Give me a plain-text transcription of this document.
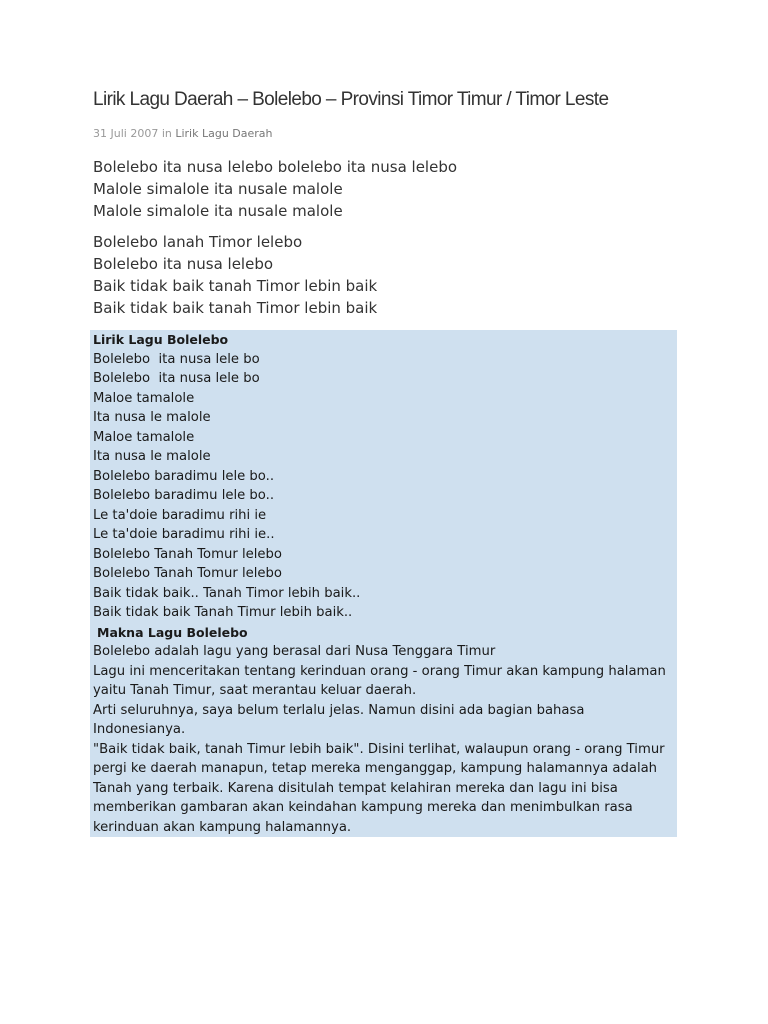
Lirik Lagu Daerah – Bolelebo – Provinsi Timor Timur / Timor Leste
31 Juli 2007 in Lirik Lagu Daerah
Bolelebo ita nusa lelebo bolelebo ita nusa lelebo
Malole simalole ita nusale malole
Malole simalole ita nusale malole
Bolelebo lanah Timor lelebo
Bolelebo ita nusa lelebo
Baik tidak baik tanah Timor lebin baik
Baik tidak baik tanah Timor lebin baik
Lirik Lagu Bolelebo
Bolelebo  ita nusa lele bo
Bolelebo  ita nusa lele bo
Maloe tamalole
Ita nusa le malole
Maloe tamalole
Ita nusa le malole
Bolelebo baradimu lele bo..
Bolelebo baradimu lele bo..
Le ta'doie baradimu rihi ie
Le ta'doie baradimu rihi ie..
Bolelebo Tanah Tomur lelebo
Bolelebo Tanah Tomur lelebo
Baik tidak baik.. Tanah Timor lebih baik..
Baik tidak baik Tanah Timur lebih baik..
Makna Lagu Bolelebo
Bolelebo adalah lagu yang berasal dari Nusa Tenggara Timur
Lagu ini menceritakan tentang kerinduan orang - orang Timur akan kampung halaman yaitu Tanah Timur, saat merantau keluar daerah.
Arti seluruhnya, saya belum terlalu jelas. Namun disini ada bagian bahasa Indonesianya.
"Baik tidak baik, tanah Timur lebih baik". Disini terlihat, walaupun orang - orang Timur pergi ke daerah manapun, tetap mereka menganggap, kampung halamannya adalah Tanah yang terbaik. Karena disitulah tempat kelahiran mereka dan lagu ini bisa memberikan gambaran akan keindahan kampung mereka dan menimbulkan rasa kerinduan akan kampung halamannya.
